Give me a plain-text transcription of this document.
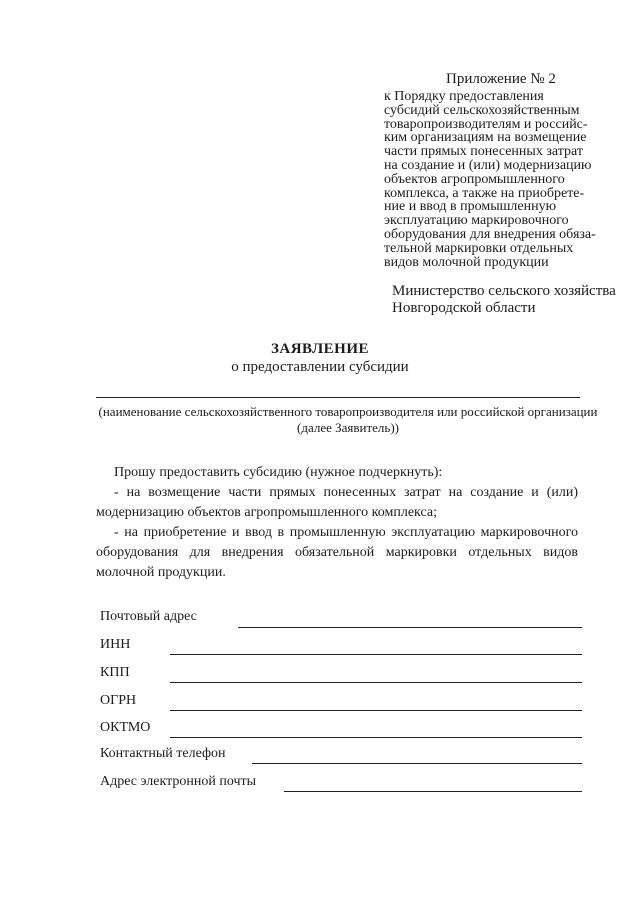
Приложение № 2

к Порядку предоставления
субсидий сельскохозяйственным
товаропроизводителям и российс-
ким организациям на возмещение
части прямых понесенных затрат
на создание и (или) модернизацию
объектов агропромышленного
комплекса, а также на приобрете-
ние и ввод в промышленную
эксплуатацию маркировочного
оборудования для внедрения обяза-
тельной маркировки отдельных
видов молочной продукции

Министерство сельского хозяйства
Новгородской области

ЗАЯВЛЕНИЕ
о предоставлении субсидии
(наименование сельскохозяйственного товаропроизводителя или российской организации
(далее Заявитель))

Прошу предоставить субсидию (нужное подчеркнуть):

- на возмещение части прямых понесенных затрат на создание и (или) модернизацию объектов агропромышленного комплекса;

- на приобретение и ввод в промышленную эксплуатацию маркировочного оборудования для внедрения обязательной маркировки отдельных видов молочной продукции.

Почтовый адрес
ИНН
КПП
ОГРН
ОКТМО
Контактный телефон
Адрес электронной почты
